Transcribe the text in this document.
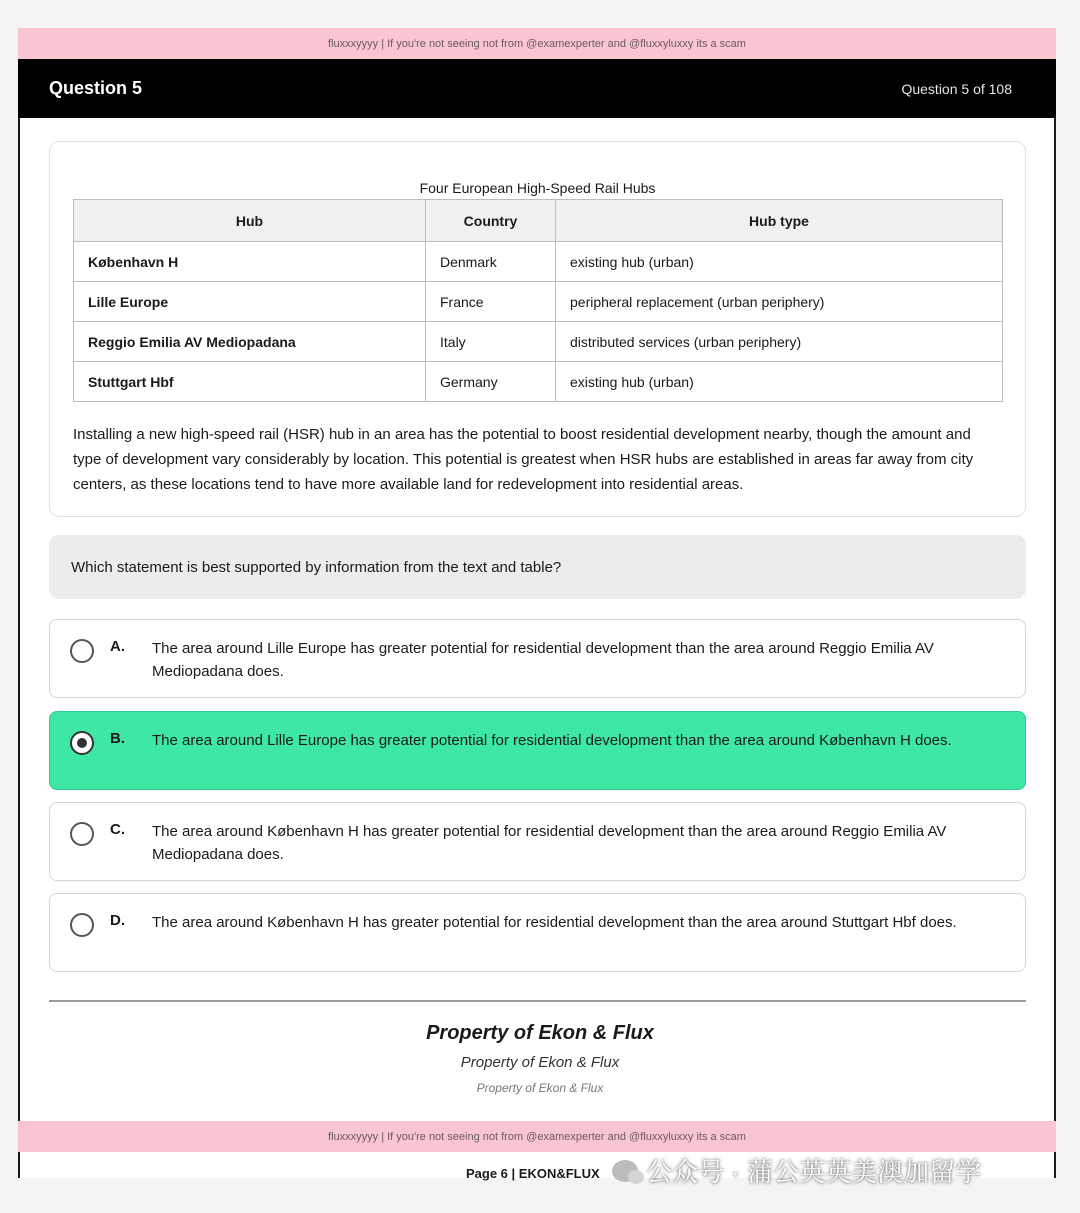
fluxxxyyyy | If you're not seeing not from @examexperter and @fluxxyluxxy its a scam
Question 5	Question 5 of 108
Four European High-Speed Rail Hubs
Hub	Country	Hub type
København H	Denmark	existing hub (urban)
Lille Europe	France	peripheral replacement (urban periphery)
Reggio Emilia AV Mediopadana	Italy	distributed services (urban periphery)
Stuttgart Hbf	Germany	existing hub (urban)
Installing a new high-speed rail (HSR) hub in an area has the potential to boost residential development nearby, though the amount and type of development vary considerably by location. This potential is greatest when HSR hubs are established in areas far away from city centers, as these locations tend to have more available land for redevelopment into residential areas.
Which statement is best supported by information from the text and table?
A. The area around Lille Europe has greater potential for residential development than the area around Reggio Emilia AV Mediopadana does.
B. The area around Lille Europe has greater potential for residential development than the area around København H does.
C. The area around København H has greater potential for residential development than the area around Reggio Emilia AV Mediopadana does.
D. The area around København H has greater potential for residential development than the area around Stuttgart Hbf does.
Property of Ekon & Flux
Property of Ekon & Flux
Property of Ekon & Flux
fluxxxyyyy | If you're not seeing not from @examexperter and @fluxxyluxxy its a scam
Page 6 | EKON&FLUX 公众号 · 蒲公英英美澳加留学
